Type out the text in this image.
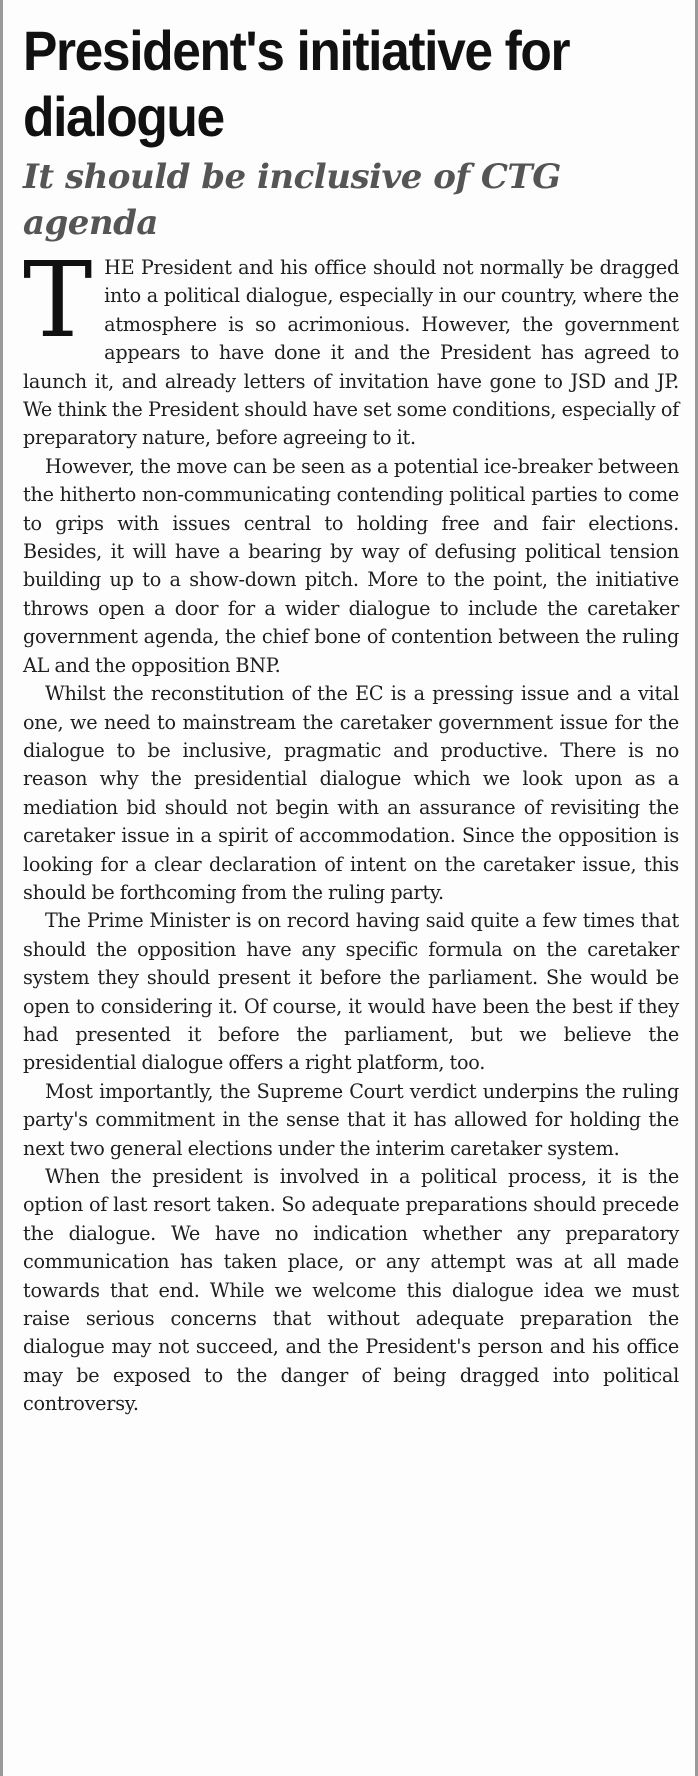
President's initiative for dialogue
It should be inclusive of CTG agenda

THE President and his office should not normally be dragged into a political dialogue, especially in our country, where the atmosphere is so acrimonious. However, the government appears to have done it and the President has agreed to launch it, and already letters of invitation have gone to JSD and JP. We think the President should have set some conditions, especially of preparatory nature, before agreeing to it.

However, the move can be seen as a potential ice-breaker between the hitherto non-communicating contending political parties to come to grips with issues central to holding free and fair elections. Besides, it will have a bearing by way of defusing political tension building up to a show-down pitch. More to the point, the initiative throws open a door for a wider dialogue to include the caretaker government agenda, the chief bone of contention between the ruling AL and the opposition BNP.

Whilst the reconstitution of the EC is a pressing issue and a vital one, we need to mainstream the caretaker government issue for the dialogue to be inclusive, pragmatic and productive. There is no reason why the presidential dialogue which we look upon as a mediation bid should not begin with an assurance of revisiting the caretaker issue in a spirit of accommodation. Since the opposition is looking for a clear declaration of intent on the caretaker issue, this should be forthcoming from the ruling party.

The Prime Minister is on record having said quite a few times that should the opposition have any specific formula on the caretaker system they should present it before the parliament. She would be open to considering it. Of course, it would have been the best if they had presented it before the parliament, but we believe the presidential dialogue offers a right platform, too.

Most importantly, the Supreme Court verdict underpins the ruling party's commitment in the sense that it has allowed for holding the next two general elections under the interim caretaker system.

When the president is involved in a political process, it is the option of last resort taken. So adequate preparations should precede the dialogue. We have no indication whether any preparatory communication has taken place, or any attempt was at all made towards that end. While we welcome this dialogue idea we must raise serious concerns that without adequate preparation the dialogue may not succeed, and the President's person and his office may be exposed to the danger of being dragged into political controversy.
